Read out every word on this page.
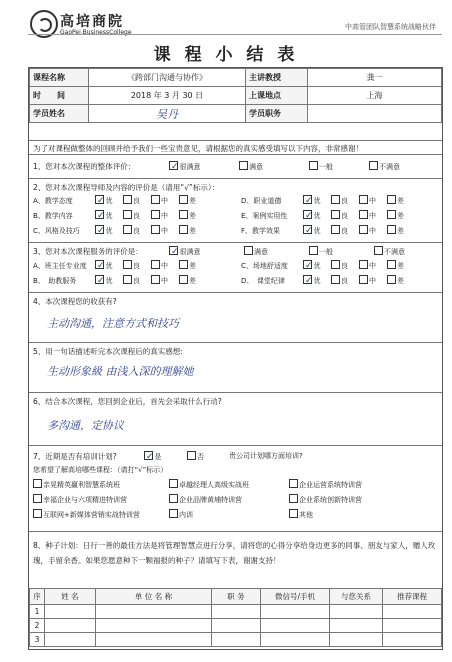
高培商院
GaoPei BusinessCollege
中高管团队智慧系统战略伙伴
课 程 小 结 表
课程名称	《跨部门沟通与协作》	主讲教授	龚一
时　　间	2018 年 3 月 30 日	上课地点	上海
学员姓名	吴丹	学员职务	
为了对课程做整体的回顾并给予我们一些宝贵意见，请根据您的真实感受填写以下内容，非常感谢！
1、您对本次课程的整体评价：	✓很满意	满意	一般	不满意
2、您对本次课程导师及内容的评价是（请用“√”标示）：
A、教学态度	✓优	良	中	差	D、职业道德	✓优	良	中	差
B、教学内容	✓优	良	中	差	E、案例实用性 ✓优	良	中	差
C、风格及技巧 ✓优	良	中	差	F、教学效果	✓优	良	中	差
3、您对本次课程服务的评价是：	✓很满意	满意	一般	不满意
A、班主任专业度 ✓优	良	中	差	C、场地舒适度 ✓优	良	中	差
B、　助教服务 ✓优	良	中	差	D、　课堂纪律 ✓优	良	中	差
4、本次课程您的收获有?
主动沟通，注意方式和技巧
5、用一句话描述听完本次课程后的真实感想:
生动形象級 由浅入深的理解她
6、结合本次课程，您回到企业后，首先会采取什么行动?
多沟通，定协议
7、近期是否有培训计划?	✓是	否	贵公司计划哪方面培训?
您希望了解高培哪些课程：（请打“√”标示）
亲晃精英赢利智慧系统班	卓越经理人高级实战班	企业运营系统特训营
幸福企业与六项精进特训营	企业品牌黄埔特训营	企业系统创新特训营
互联网+新媒体营销实战特训营	内训	其他
8、种子计划：日行一善的最佳方法是将管理智慧点进行分享，请将您的心得分享给身边更多的同事、朋友与家人，赠人玫瑰，手留余香。如果您愿意种下一颗福报的种子？请填写下表，谢谢支持！
序	姓 名	单 位 名 称	职 务	微信号/手机	与您关系	推荐课程
1						
2						
3						
